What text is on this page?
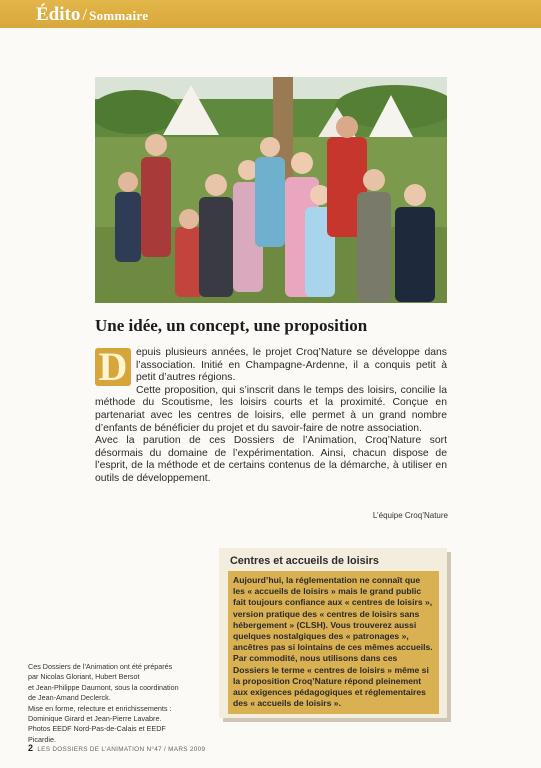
Édito / Sommaire
Une idée, un concept, une proposition
D epuis plusieurs années, le projet Croq’Nature se développe dans l’association. Initié en Champagne-Ardenne, il a conquis petit à petit d’autres régions.

Cette proposition, qui s’inscrit dans le temps des loisirs, concilie la méthode du Scoutisme, les loisirs courts et la proximité. Conçue en partenariat avec les centres de loisirs, elle permet à un grand nombre d’enfants de bénéficier du projet et du savoir-faire de notre association.

Avec la parution de ces Dossiers de l’Animation, Croq’Nature sort désormais du domaine de l’expérimentation. Ainsi, chacun dispose de l’esprit, de la méthode et de certains contenus de la démarche, à utiliser en outils de développement.

L’équipe Croq’Nature
Centres et accueils de loisirs
Aujourd’hui, la réglementation ne connaît que les « accueils de loisirs » mais le grand public fait toujours confiance aux « centres de loisirs », version pratique des « centres de loisirs sans hébergement » (CLSH). Vous trouverez aussi quelques nostalgiques des « patronages », ancêtres pas si lointains de ces mêmes accueils. Par commodité, nous utilisons dans ces Dossiers le terme « centres de loisirs » même si la proposition Croq’Nature répond pleinement aux exigences pédagogiques et réglementaires des « accueils de loisirs ».
Ces Dossiers de l’Animation ont été préparés
par Nicolas Gloriant, Hubert Bersot
et Jean-Philippe Daumont, sous la coordination
de Jean-Amand Declerck.
Mise en forme, relecture et enrichissements :
Dominique Girard et Jean-Pierre Lavabre.
Photos EEDF Nord-Pas-de-Calais et EEDF Picardie.
2 LES DOSSIERS DE L’ANIMATION N°47 / MARS 2009
